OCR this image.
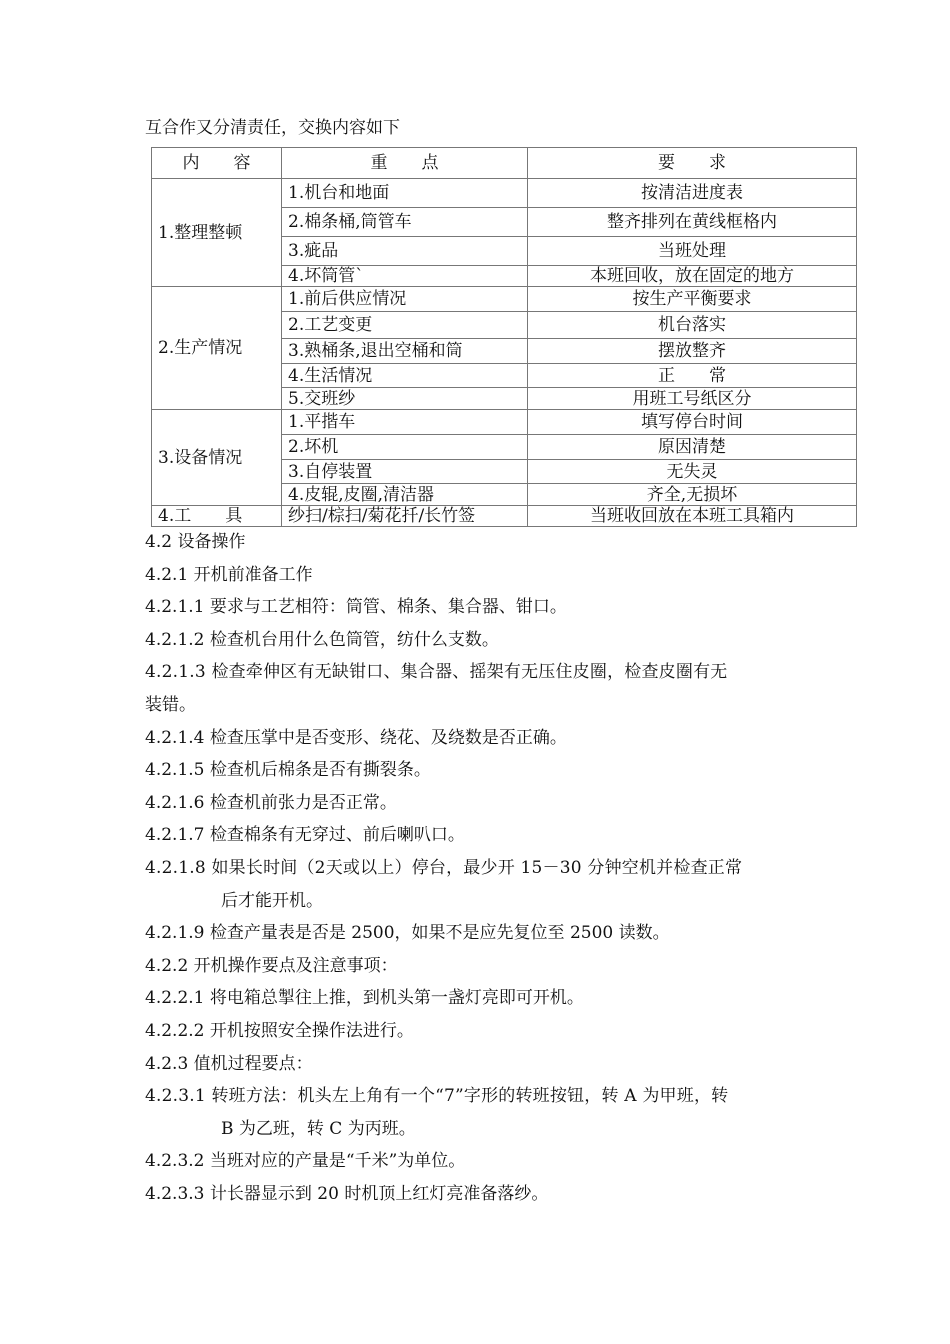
互合作又分清责任，交换内容如下
内　　容	重　　点	要　　求
1.整理整顿	1.机台和地面	按清洁进度表
	2.棉条桶,筒管车	整齐排列在黄线框格内
	3.疵品	当班处理
	4.坏筒管`	本班回收，放在固定的地方
2.生产情况	1.前后供应情况	按生产平衡要求
	2.工艺变更	机台落实
	3.熟桶条,退出空桶和筒	摆放整齐
	4.生活情况	正　　常
	5.交班纱	用班工号纸区分
3.设备情况	1.平揩车	填写停台时间
	2.坏机	原因清楚
	3.自停装置	无失灵
	4.皮辊,皮圈,清洁器	齐全,无损坏
4.工　　具	纱扫/棕扫/菊花扦/长竹签	当班收回放在本班工具箱内
4.2 设备操作
4.2.1 开机前准备工作
4.2.1.1 要求与工艺相符：筒管、棉条、集合器、钳口。
4.2.1.2 检查机台用什么色筒管，纺什么支数。
4.2.1.3 检查牵伸区有无缺钳口、集合器、摇架有无压住皮圈，检查皮圈有无
装错。
4.2.1.4 检查压掌中是否变形、绕花、及绕数是否正确。
4.2.1.5 检查机后棉条是否有撕裂条。
4.2.1.6 检查机前张力是否正常。
4.2.1.7 检查棉条有无穿过、前后喇叭口。
4.2.1.8 如果长时间（2天或以上）停台，最少开 15－30 分钟空机并检查正常
后才能开机。
4.2.1.9 检查产量表是否是 2500，如果不是应先复位至 2500 读数。
4.2.2 开机操作要点及注意事项：
4.2.2.1 将电箱总掣往上推，到机头第一盏灯亮即可开机。
4.2.2.2 开机按照安全操作法进行。
4.2.3 值机过程要点：
4.2.3.1 转班方法：机头左上角有一个“7”字形的转班按钮，转 A 为甲班，转
B 为乙班，转 C 为丙班。
4.2.3.2 当班对应的产量是“千米”为单位。
4.2.3.3 计长器显示到 20 时机顶上红灯亮准备落纱。
